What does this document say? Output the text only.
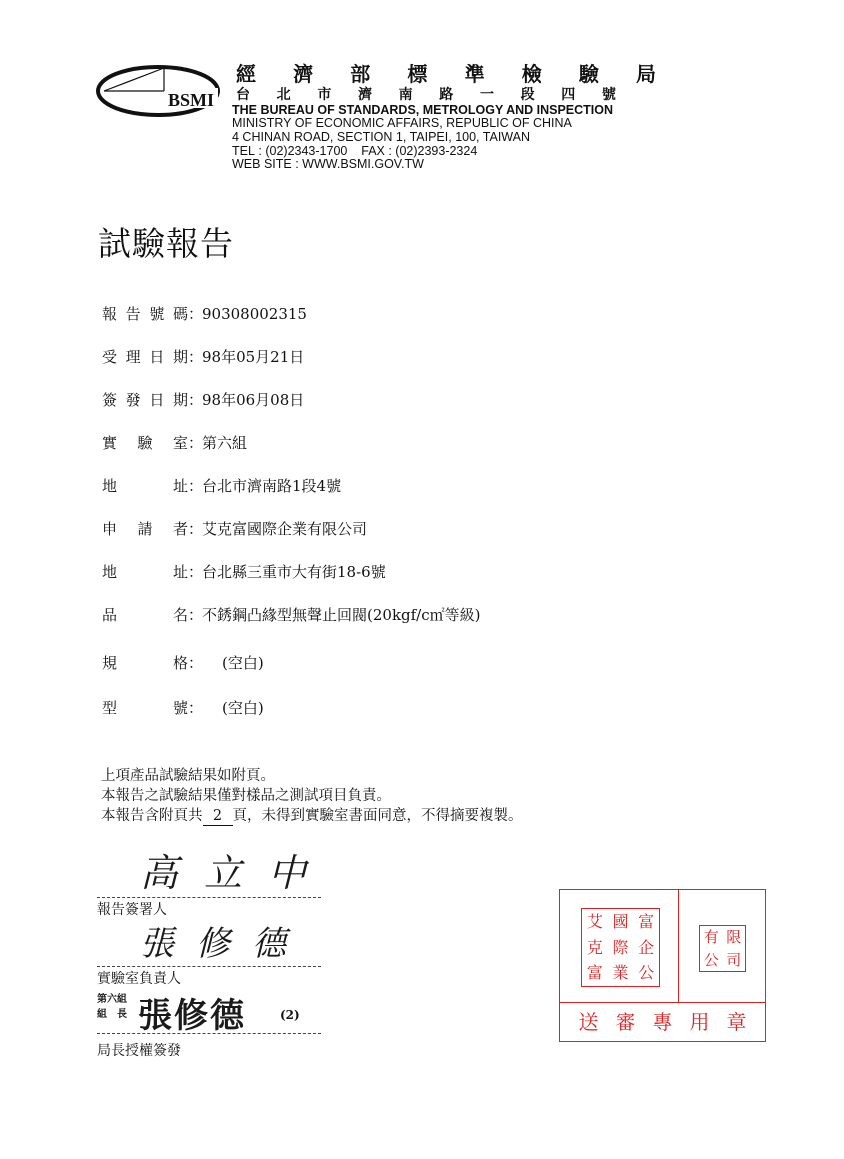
BSMI
經 濟 部 標 準 檢 驗 局
台 北 市 濟 南 路 一 段 四 號
THE BUREAU OF STANDARDS, METROLOGY AND INSPECTION
MINISTRY OF ECONOMIC AFFAIRS, REPUBLIC OF CHINA
4 CHINAN ROAD, SECTION 1, TAIPEI, 100, TAIWAN
TEL : (02)2343-1700    FAX : (02)2393-2324
WEB SITE : WWW.BSMI.GOV.TW
試驗報告
報 告 號 碼 ：
90308002315
受 理 日 期 ：
98年05月21日
簽 發 日 期 ：
98年06月08日
實 驗 室 ：
第六組
地	址 ：
台北市濟南路1段4號
申 請 者 ：
艾克富國際企業有限公司
地	址 ：
台北縣三重市大有街18-6號
品	名 ：
不銹鋼凸緣型無聲止回閥(20kgf/c㎡等級)
規	格 ： (空白)
型	號 ： (空白)
上項產品試驗結果如附頁。
本報告之試驗結果僅對樣品之測試項目負責。
本報告含附頁共 2 頁，未得到實驗室書面同意，不得摘要複製。
高立中
報告簽署人
張修德
實驗室負責人
第六組
組　長 張修德	(2)
局長授權簽發
艾 國 富
克 際 企
富 業 公
有 限
公 司
送 審 專 用 章
